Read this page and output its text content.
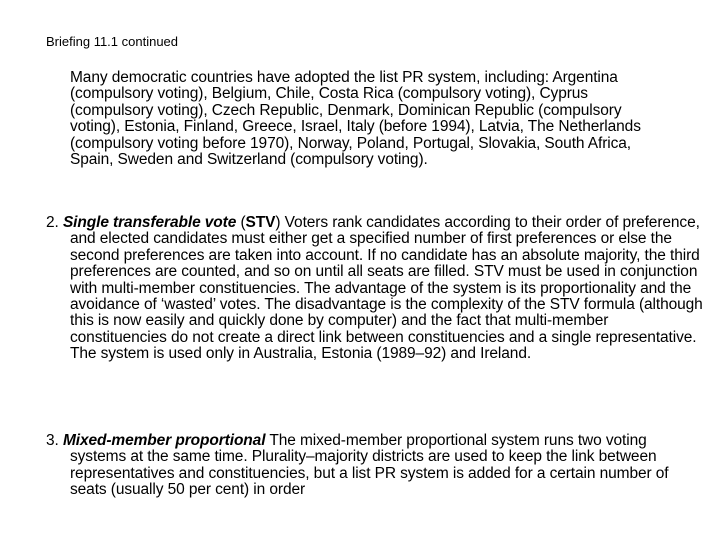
Briefing 11.1 continued

Many democratic countries have adopted the list PR system, including: Argentina (compulsory voting), Belgium, Chile, Costa Rica (compulsory voting), Cyprus (compulsory voting), Czech Republic, Denmark, Dominican Republic (compulsory voting), Estonia, Finland, Greece, Israel, Italy (before 1994), Latvia, The Netherlands (compulsory voting before 1970), Norway, Poland, Portugal, Slovakia, South Africa, Spain, Sweden and Switzerland (compulsory voting).

2. Single transferable vote (STV) Voters rank candidates according to their order of preference, and elected candidates must either get a specified number of first preferences or else the second preferences are taken into account. If no candidate has an absolute majority, the third preferences are counted, and so on until all seats are filled. STV must be used in conjunction with multi-member constituencies. The advantage of the system is its proportionality and the avoidance of ‘wasted’ votes. The disadvantage is the complexity of the STV formula (although this is now easily and quickly done by computer) and the fact that multi-member constituencies do not create a direct link between constituencies and a single representative. The system is used only in Australia, Estonia (1989–92) and Ireland.

3. Mixed-member proportional The mixed-member proportional system runs two voting systems at the same time. Plurality–majority districts are used to keep the link between representatives and constituencies, but a list PR system is added for a certain number of seats (usually 50 per cent) in order
